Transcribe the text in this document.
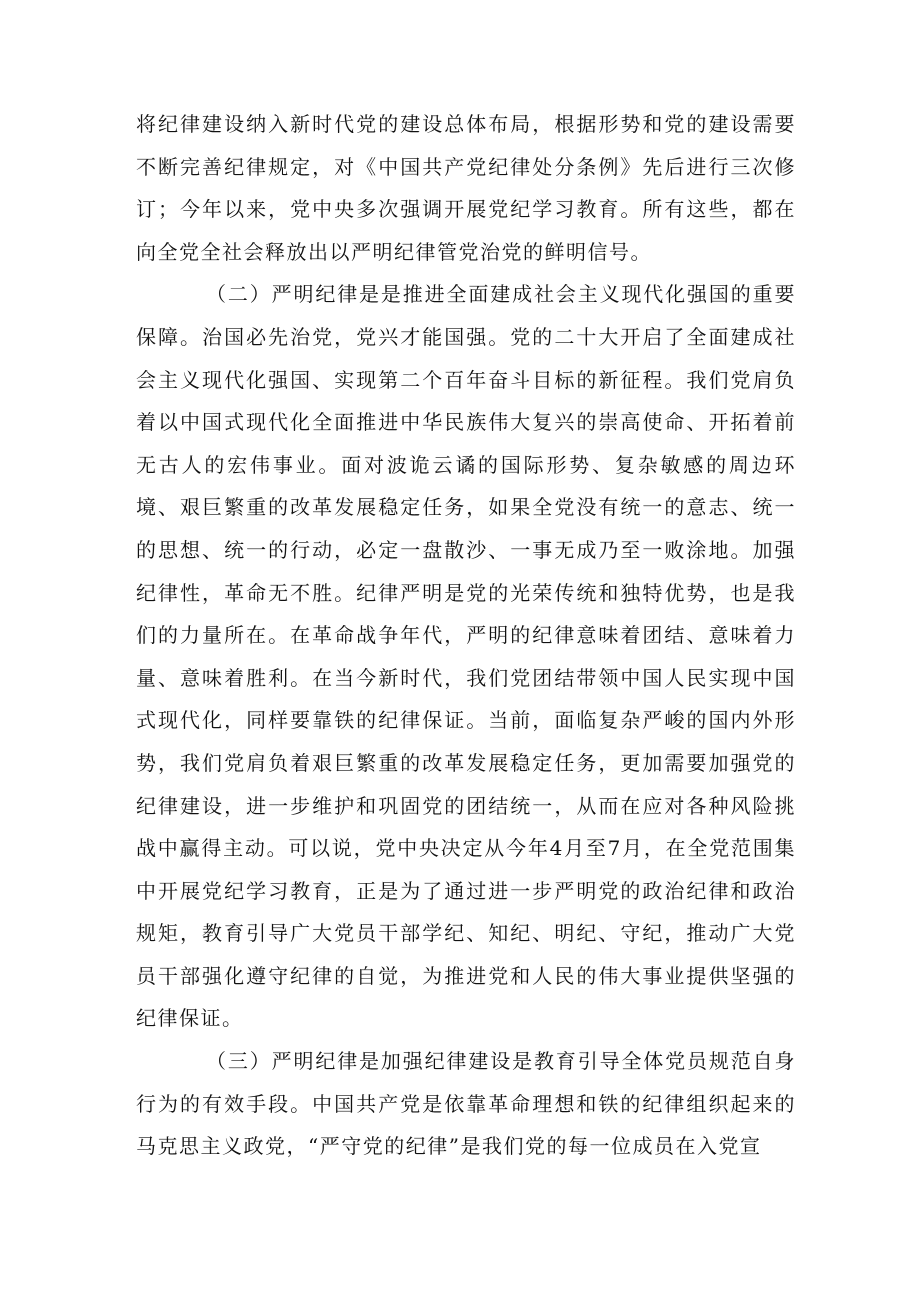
将纪律建设纳入新时代党的建设总体布局，根据形势和党的建设需要不断完善纪律规定，对《中国共产党纪律处分条例》先后进行三次修订；今年以来，党中央多次强调开展党纪学习教育。所有这些，都在向全党全社会释放出以严明纪律管党治党的鲜明信号。

（二）严明纪律是是推进全面建成社会主义现代化强国的重要保障。治国必先治党，党兴才能国强。党的二十大开启了全面建成社会主义现代化强国、实现第二个百年奋斗目标的新征程。我们党肩负着以中国式现代化全面推进中华民族伟大复兴的崇高使命、开拓着前无古人的宏伟事业。面对波诡云谲的国际形势、复杂敏感的周边环境、艰巨繁重的改革发展稳定任务，如果全党没有统一的意志、统一的思想、统一的行动，必定一盘散沙、一事无成乃至一败涂地。加强纪律性，革命无不胜。纪律严明是党的光荣传统和独特优势，也是我们的力量所在。在革命战争年代，严明的纪律意味着团结、意味着力量、意味着胜利。在当今新时代，我们党团结带领中国人民实现中国式现代化，同样要靠铁的纪律保证。当前，面临复杂严峻的国内外形势，我们党肩负着艰巨繁重的改革发展稳定任务，更加需要加强党的纪律建设，进一步维护和巩固党的团结统一，从而在应对各种风险挑战中赢得主动。可以说，党中央决定从今年4月至7月，在全党范围集中开展党纪学习教育，正是为了通过进一步严明党的政治纪律和政治规矩，教育引导广大党员干部学纪、知纪、明纪、守纪，推动广大党员干部强化遵守纪律的自觉，为推进党和人民的伟大事业提供坚强的纪律保证。

（三）严明纪律是加强纪律建设是教育引导全体党员规范自身行为的有效手段。中国共产党是依靠革命理想和铁的纪律组织起来的马克思主义政党，“严守党的纪律”是我们党的每一位成员在入党宣
